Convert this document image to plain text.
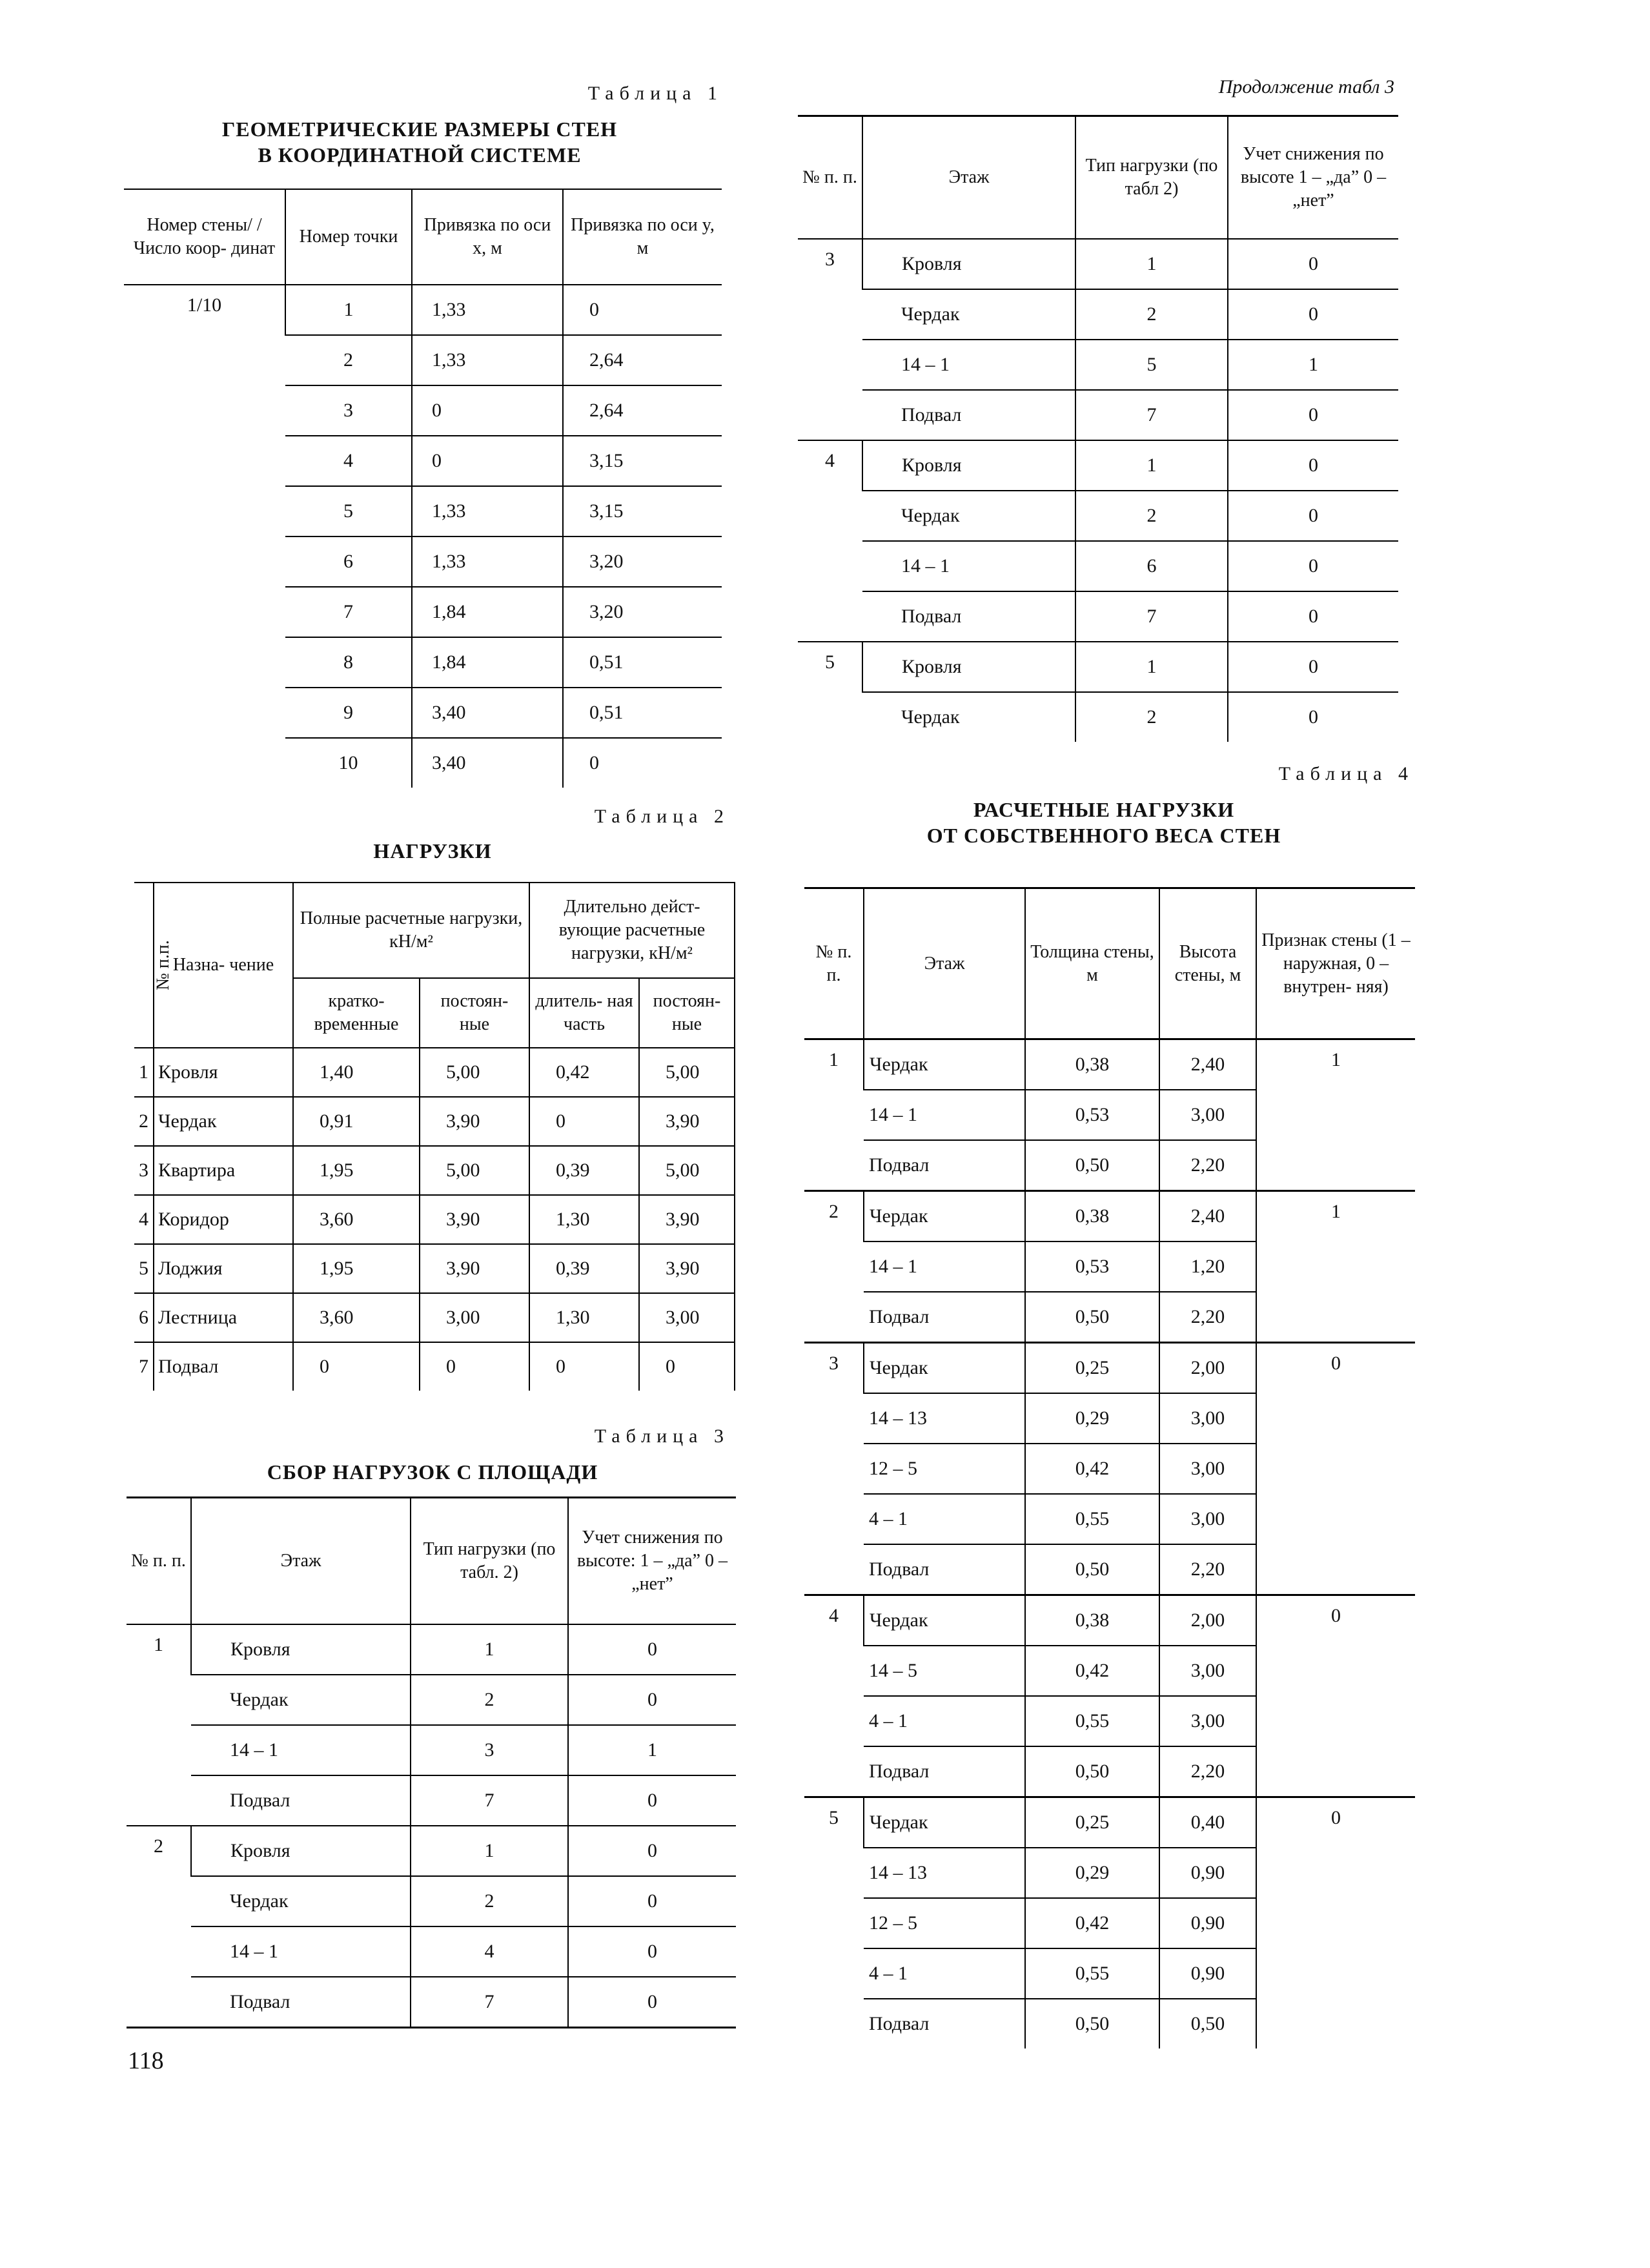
Таблица 1
ГЕОМЕТРИЧЕСКИЕ РАЗМЕРЫ СТЕН
В КООРДИНАТНОЙ СИСТЕМЕ
Номер стены/ /Число коор- динат	Номер точки	Привязка по оси x, м	Привязка по оси y, м
1/10	1	1,33	0
	2	1,33	2,64
	3	0	2,64
	4	0	3,15
	5	1,33	3,15
	6	1,33	3,20
	7	1,84	3,20
	8	1,84	0,51
	9	3,40	0,51
	10	3,40	0
Таблица 2
НАГРУЗКИ
№ п.п.	Назна- чение	Полные расчетные нагрузки, кН/м²		Длительно дейст- вующие расчетные нагрузки, кН/м²	
		кратко- временные	постоян- ные	длитель- ная часть	постоян- ные
1	Кровля	1,40	5,00	0,42	5,00
2	Чердак	0,91	3,90	0	3,90
3	Квартира	1,95	5,00	0,39	5,00
4	Коридор	3,60	3,90	1,30	3,90
5	Лоджия	1,95	3,90	0,39	3,90
6	Лестница	3,60	3,00	1,30	3,00
7	Подвал	0	0	0	0
Таблица 3
СБОР НАГРУЗОК С ПЛОЩАДИ
№ п. п.	Этаж	Тип нагрузки (по табл. 2)	Учет снижения по высоте: 1 – „да” 0 – „нет”
1	Кровля	1	0
	Чердак	2	0
	14 – 1	3	1
	Подвал	7	0
2	Кровля	1	0
	Чердак	2	0
	14 – 1	4	0
	Подвал	7	0
Продолжение табл 3
№ п. п.	Этаж	Тип нагрузки (по табл 2)	Учет снижения по высоте 1 – „да” 0 – „нет”
3	Кровля	1	0
	Чердак	2	0
	14 – 1	5	1
	Подвал	7	0
4	Кровля	1	0
	Чердак	2	0
	14 – 1	6	0
	Подвал	7	0
5	Кровля	1	0
	Чердак	2	0
Таблица 4
РАСЧЕТНЫЕ НАГРУЗКИ
ОТ СОБСТВЕННОГО ВЕСА СТЕН
№ п. п.	Этаж	Толщина стены, м	Высота стены, м	Признак стены (1 – наружная, 0 – внутрен- няя)
1	Чердак	0,38	2,40	1
	14 – 1	0,53	3,00	
	Подвал	0,50	2,20	
2	Чердак	0,38	2,40	1
	14 – 1	0,53	1,20	
	Подвал	0,50	2,20	
3	Чердак	0,25	2,00	0
	14 – 13	0,29	3,00	
	12 – 5	0,42	3,00	
	4 – 1	0,55	3,00	
	Подвал	0,50	2,20	
4	Чердак	0,38	2,00	0
	14 – 5	0,42	3,00	
	4 – 1	0,55	3,00	
	Подвал	0,50	2,20	
5	Чердак	0,25	0,40	0
	14 – 13	0,29	0,90	
	12 – 5	0,42	0,90	
	4 – 1	0,55	0,90	
	Подвал	0,50	0,50	
118
